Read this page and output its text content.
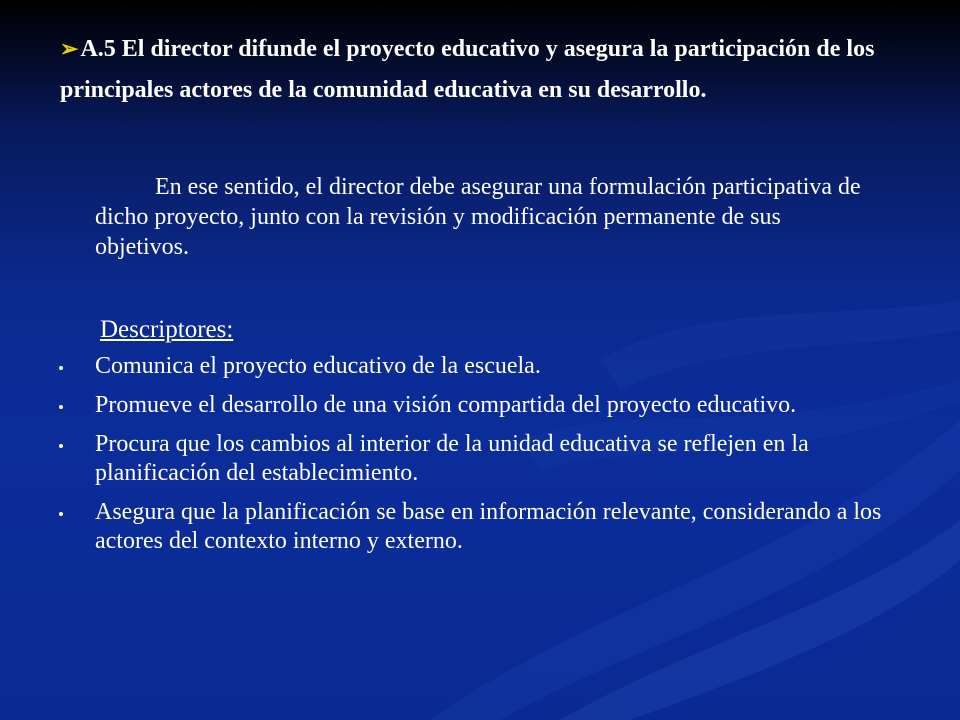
➢A.5 El director difunde el proyecto educativo y asegura la participación de los principales actores de la comunidad educativa en su desarrollo.
En ese sentido, el director debe asegurar una formulación participativa de dicho proyecto, junto con la revisión y modificación permanente de sus objetivos.
Descriptores:
Comunica el proyecto educativo de la escuela.
Promueve el desarrollo de una visión compartida del proyecto educativo.
Procura que los cambios al interior de la unidad educativa se reflejen en la planificación del establecimiento.
Asegura que la planificación se base en información relevante, considerando a los actores del contexto interno y externo.
